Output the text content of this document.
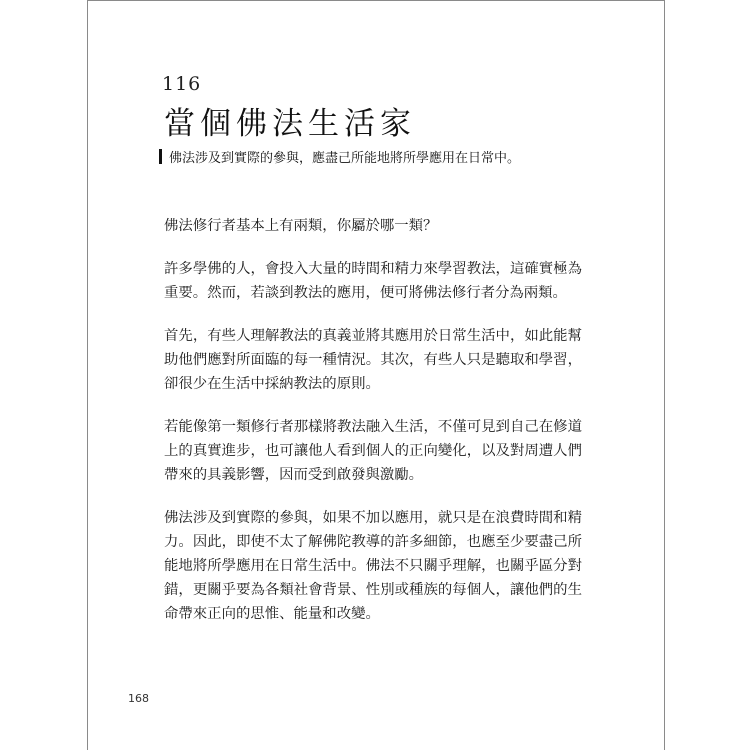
116
當個佛法生活家
佛法涉及到實際的參與，應盡己所能地將所學應用在日常中。

佛法修行者基本上有兩類，你屬於哪一類？

許多學佛的人，會投入大量的時間和精力來學習教法，這確實極為重要。然而，若談到教法的應用，便可將佛法修行者分為兩類。

首先，有些人理解教法的真義並將其應用於日常生活中，如此能幫助他們應對所面臨的每一種情況。其次，有些人只是聽取和學習，卻很少在生活中採納教法的原則。

若能像第一類修行者那樣將教法融入生活，不僅可見到自己在修道上的真實進步，也可讓他人看到個人的正向變化，以及對周遭人們帶來的具義影響，因而受到啟發與激勵。

佛法涉及到實際的參與，如果不加以應用，就只是在浪費時間和精力。因此，即使不太了解佛陀教導的許多細節，也應至少要盡己所能地將所學應用在日常生活中。佛法不只關乎理解，也關乎區分對錯，更關乎要為各類社會背景、性別或種族的每個人，讓他們的生命帶來正向的思惟、能量和改變。

168
